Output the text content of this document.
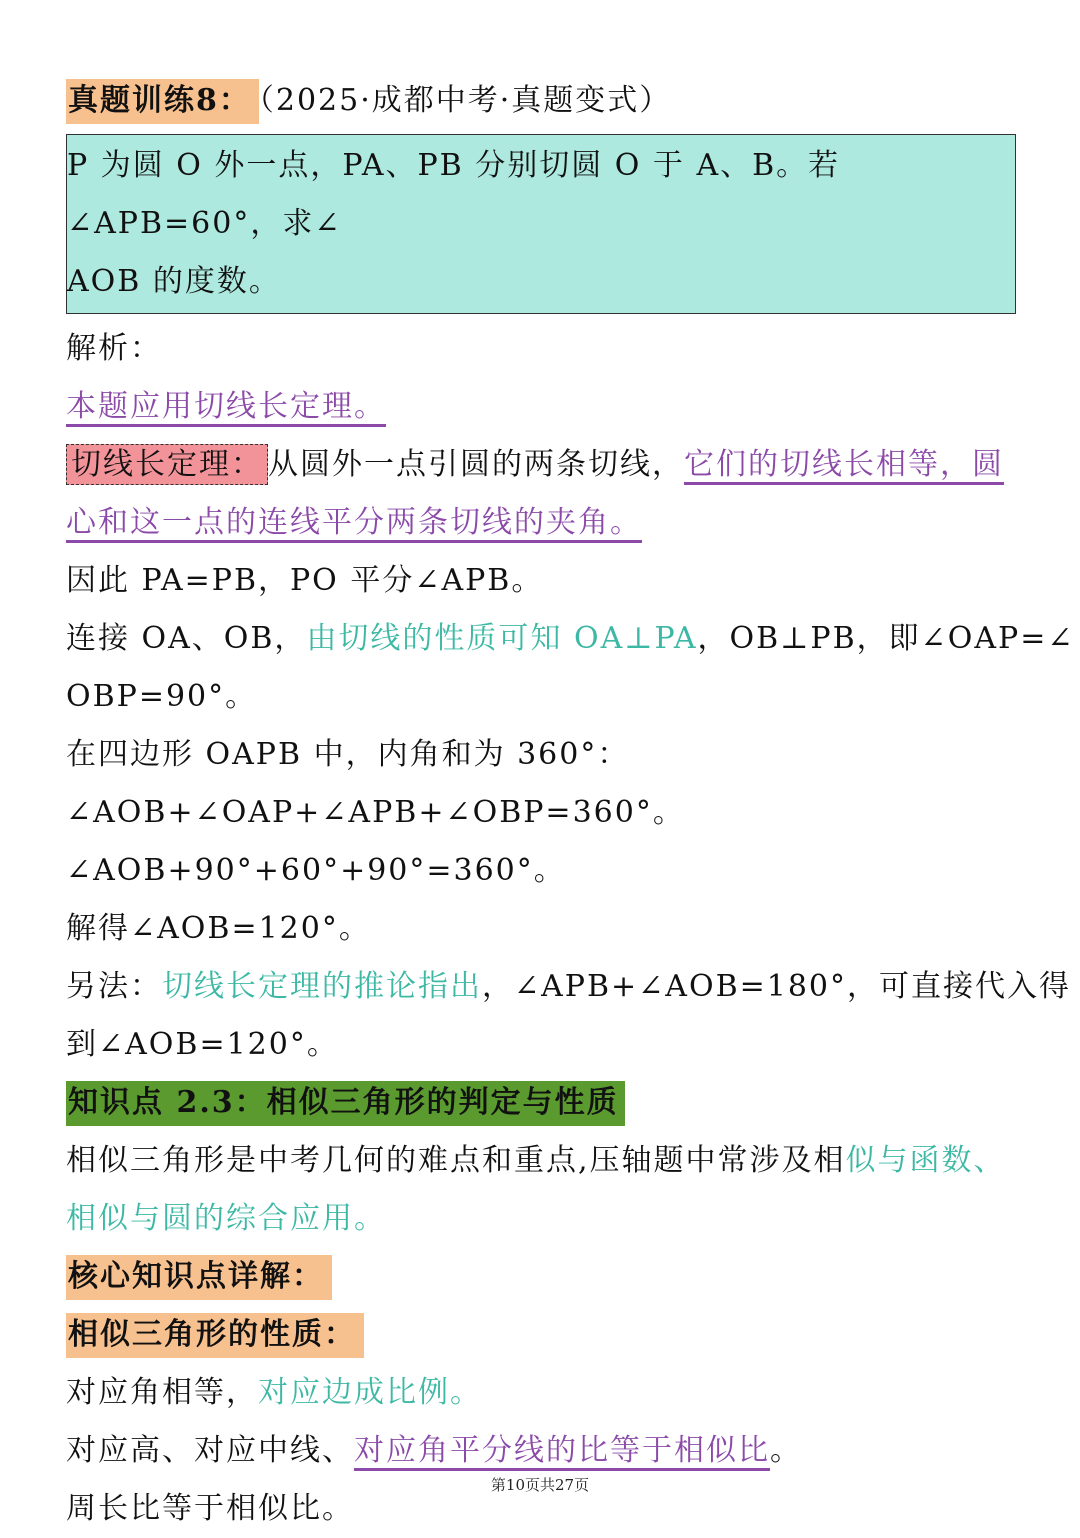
真题训练8： （2025·成都中考·真题变式）
P 为圆 O 外一点，PA、PB 分别切圆 O 于 A、B。若∠APB=60°，求∠
AOB 的度数。
解析：
本题应用切线长定理。
切线长定理： 从圆外一点引圆的两条切线，它们的切线长相等，圆
心和这一点的连线平分两条切线的夹角。
因此 PA=PB，PO 平分∠APB。
连接 OA、OB，由切线的性质可知 OA⊥PA，OB⊥PB，即∠OAP=∠
OBP=90°。
在四边形 OAPB 中，内角和为 360°：
∠AOB+∠OAP+∠APB+∠OBP=360°。
∠AOB+90°+60°+90°=360°。
解得∠AOB=120°。
另法：切线长定理的推论指出，∠APB+∠AOB=180°，可直接代入得
到∠AOB=120°。
知识点 2.3：相似三角形的判定与性质
相似三角形是中考几何的难点和重点,压轴题中常涉及相似与函数、
相似与圆的综合应用。
核心知识点详解：
相似三角形的性质：
对应角相等，对应边成比例。
对应高、对应中线、对应角平分线的比等于相似比。
周长比等于相似比。
第10页共27页
